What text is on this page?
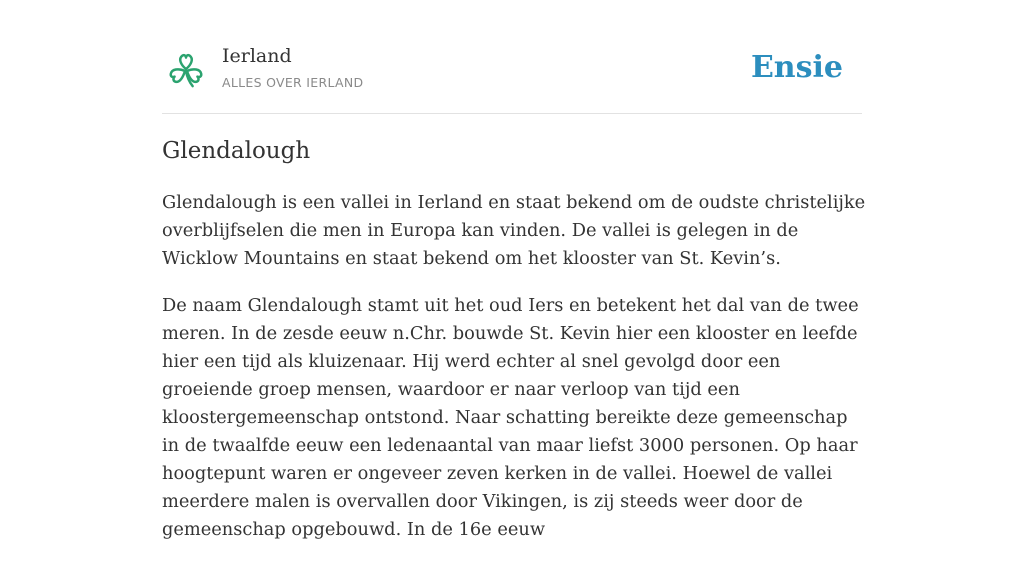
Ierland
ALLES OVER IERLAND	Ensie
Glendalough

Glendalough is een vallei in Ierland en staat bekend om de oudste christelijke overblijfselen die men in Europa kan vinden. De vallei is gelegen in de Wicklow Mountains en staat bekend om het klooster van St. Kevin’s.

De naam Glendalough stamt uit het oud Iers en betekent het dal van de twee meren. In de zesde eeuw n.Chr. bouwde St. Kevin hier een klooster en leefde hier een tijd als kluizenaar. Hij werd echter al snel gevolgd door een groeiende groep mensen, waardoor er naar verloop van tijd een kloostergemeenschap ontstond. Naar schatting bereikte deze gemeenschap in de twaalfde eeuw een ledenaantal van maar liefst 3000 personen. Op haar hoogtepunt waren er ongeveer zeven kerken in de vallei. Hoewel de vallei meerdere malen is overvallen door Vikingen, is zij steeds weer door de gemeenschap opgebouwd. In de 16e eeuw
